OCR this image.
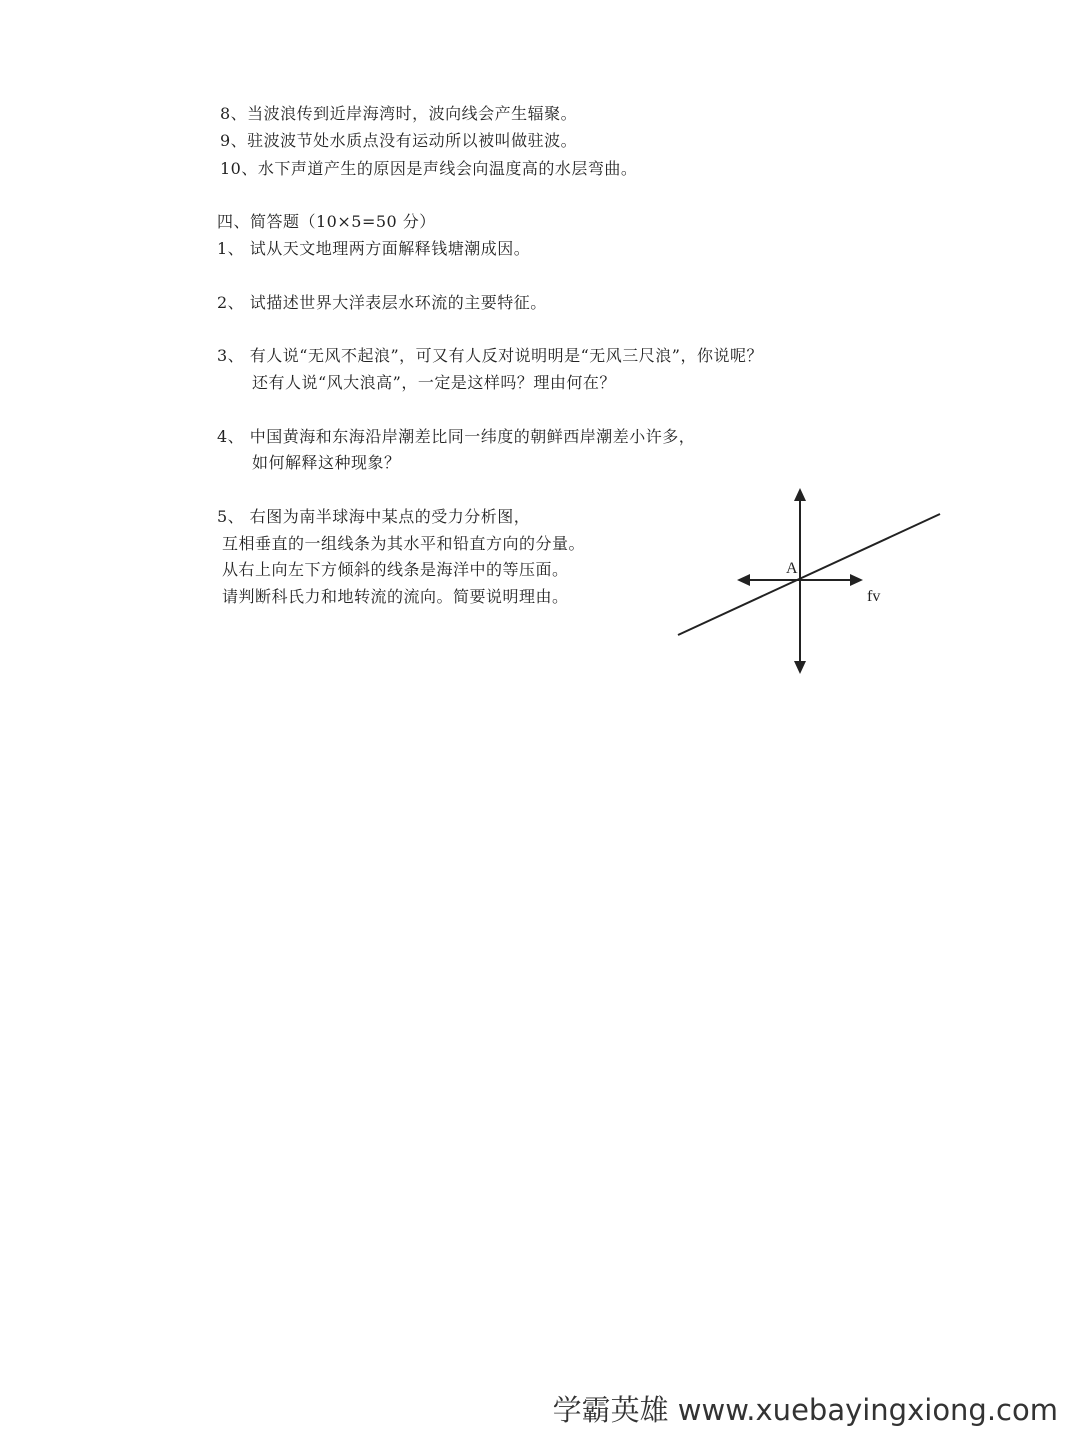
8、当波浪传到近岸海湾时，波向线会产生辐聚。
9、驻波波节处水质点没有运动所以被叫做驻波。
10、水下声道产生的原因是声线会向温度高的水层弯曲。
四、简答题（10×5=50 分）
1、 试从天文地理两方面解释钱塘潮成因。
2、 试描述世界大洋表层水环流的主要特征。
3、 有人说“无风不起浪”，可又有人反对说明明是“无风三尺浪”，你说呢？
还有人说“风大浪高”，一定是这样吗？理由何在？
4、 中国黄海和东海沿岸潮差比同一纬度的朝鲜西岸潮差小许多，
如何解释这种现象？
5、 右图为南半球海中某点的受力分析图，
互相垂直的一组线条为其水平和铅直方向的分量。
从右上向左下方倾斜的线条是海洋中的等压面。
请判断科氏力和地转流的流向。简要说明理由。
A
fv
学霸英雄 www.xuebayingxiong.com
